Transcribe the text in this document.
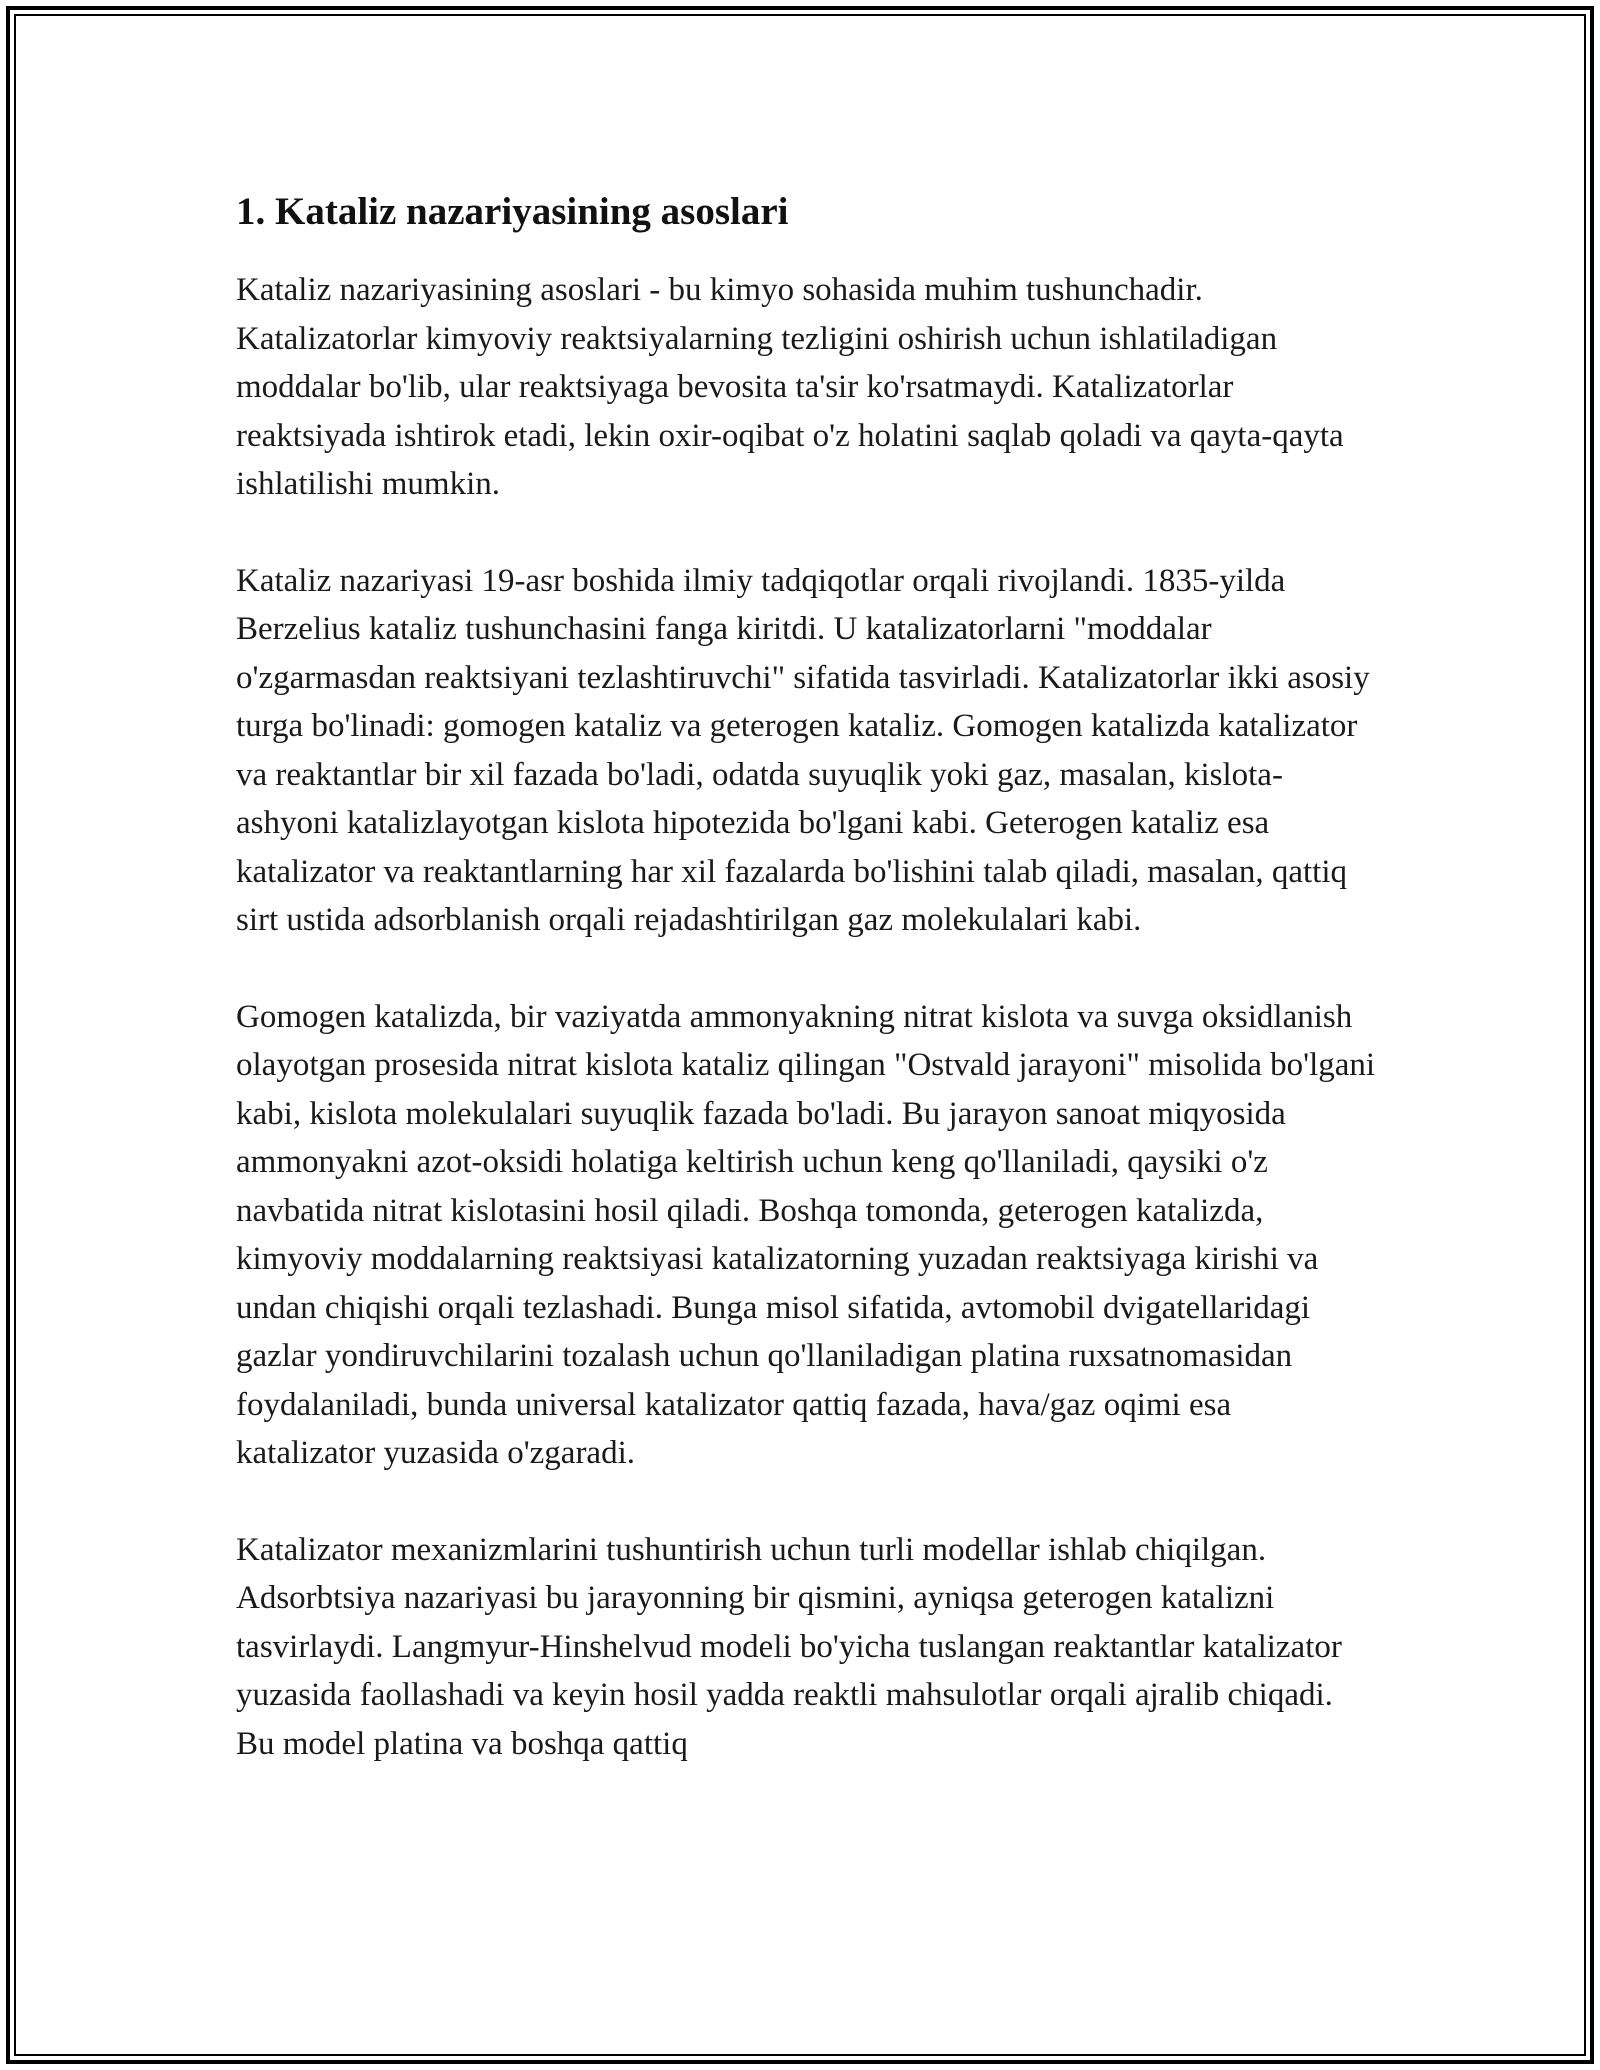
1. Kataliz nazariyasining asoslari

Kataliz nazariyasining asoslari - bu kimyo sohasida muhim tushunchadir. Katalizatorlar kimyoviy reaktsiyalarning tezligini oshirish uchun ishlatiladigan moddalar bo'lib, ular reaktsiyaga bevosita ta'sir ko'rsatmaydi. Katalizatorlar reaktsiyada ishtirok etadi, lekin oxir-oqibat o'z holatini saqlab qoladi va qayta-qayta ishlatilishi mumkin.

Kataliz nazariyasi 19-asr boshida ilmiy tadqiqotlar orqali rivojlandi. 1835-yilda Berzelius kataliz tushunchasini fanga kiritdi. U katalizatorlarni "moddalar o'zgarmasdan reaktsiyani tezlashtiruvchi" sifatida tasvirladi. Katalizatorlar ikki asosiy turga bo'linadi: gomogen kataliz va geterogen kataliz. Gomogen katalizda katalizator va reaktantlar bir xil fazada bo'ladi, odatda suyuqlik yoki gaz, masalan, kislota-ashyoni katalizlayotgan kislota hipotezida bo'lgani kabi. Geterogen kataliz esa katalizator va reaktantlarning har xil fazalarda bo'lishini talab qiladi, masalan, qattiq sirt ustida adsorblanish orqali rejadashtirilgan gaz molekulalari kabi.

Gomogen katalizda, bir vaziyatda ammonyakning nitrat kislota va suvga oksidlanish olayotgan prosesida nitrat kislota kataliz qilingan "Ostvald jarayoni" misolida bo'lgani kabi, kislota molekulalari suyuqlik fazada bo'ladi. Bu jarayon sanoat miqyosida ammonyakni azot-oksidi holatiga keltirish uchun keng qo'llaniladi, qaysiki o'z navbatida nitrat kislotasini hosil qiladi. Boshqa tomonda, geterogen katalizda, kimyoviy moddalarning reaktsiyasi katalizatorning yuzadan reaktsiyaga kirishi va undan chiqishi orqali tezlashadi. Bunga misol sifatida, avtomobil dvigatellaridagi gazlar yondiruvchilarini tozalash uchun qo'llaniladigan platina ruxsatnomasidan foydalaniladi, bunda universal katalizator qattiq fazada, hava/gaz oqimi esa katalizator yuzasida o'zgaradi.

Katalizator mexanizmlarini tushuntirish uchun turli modellar ishlab chiqilgan. Adsorbtsiya nazariyasi bu jarayonning bir qismini, ayniqsa geterogen katalizni tasvirlaydi. Langmyur-Hinshelvud modeli bo'yicha tuslangan reaktantlar katalizator yuzasida faollashadi va keyin hosil yadda reaktli mahsulotlar orqali ajralib chiqadi. Bu model platina va boshqa qattiq
